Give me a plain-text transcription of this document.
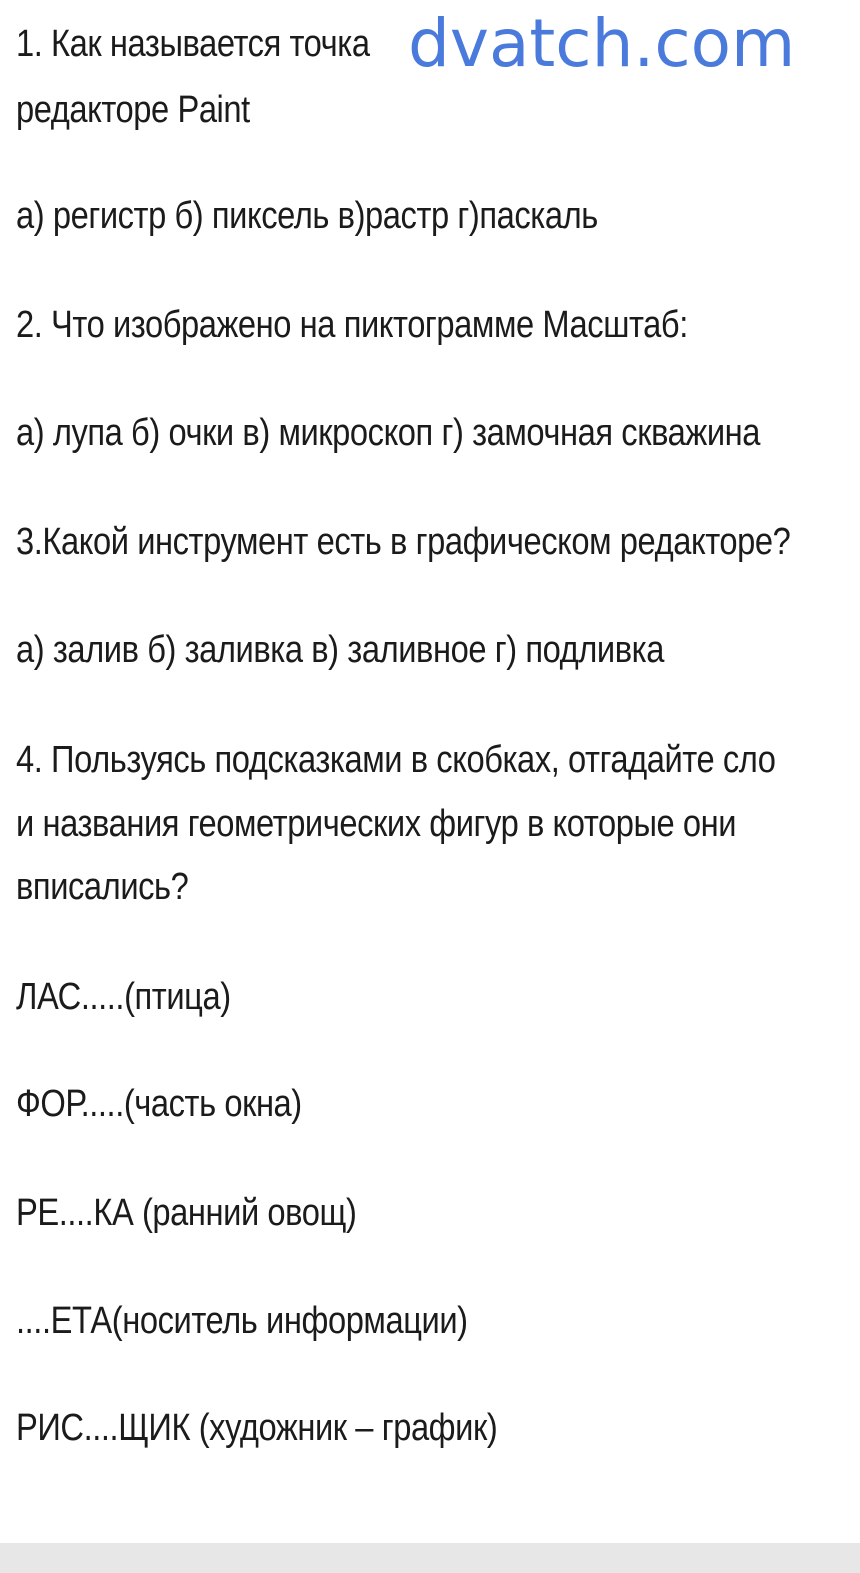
1. Как называется точка
редакторе Paint
а) регистр б) пиксель в)растр г)паскаль
2. Что изображено на пиктограмме Масштаб:
а) лупа б) очки в) микроскоп г) замочная скважина
3.Какой инструмент есть в графическом редакторе?
а) залив б) заливка в) заливное г) подливка
4. Пользуясь подсказками в скобках, отгадайте сло
и названия геометрических фигур в которые они
вписались?
ЛАС.....(птица)
ФОР.....(часть окна)
РЕ....КА (ранний овощ)
....ЕТА(носитель информации)
РИС....ЩИК (художник – график)
dvatch.com
